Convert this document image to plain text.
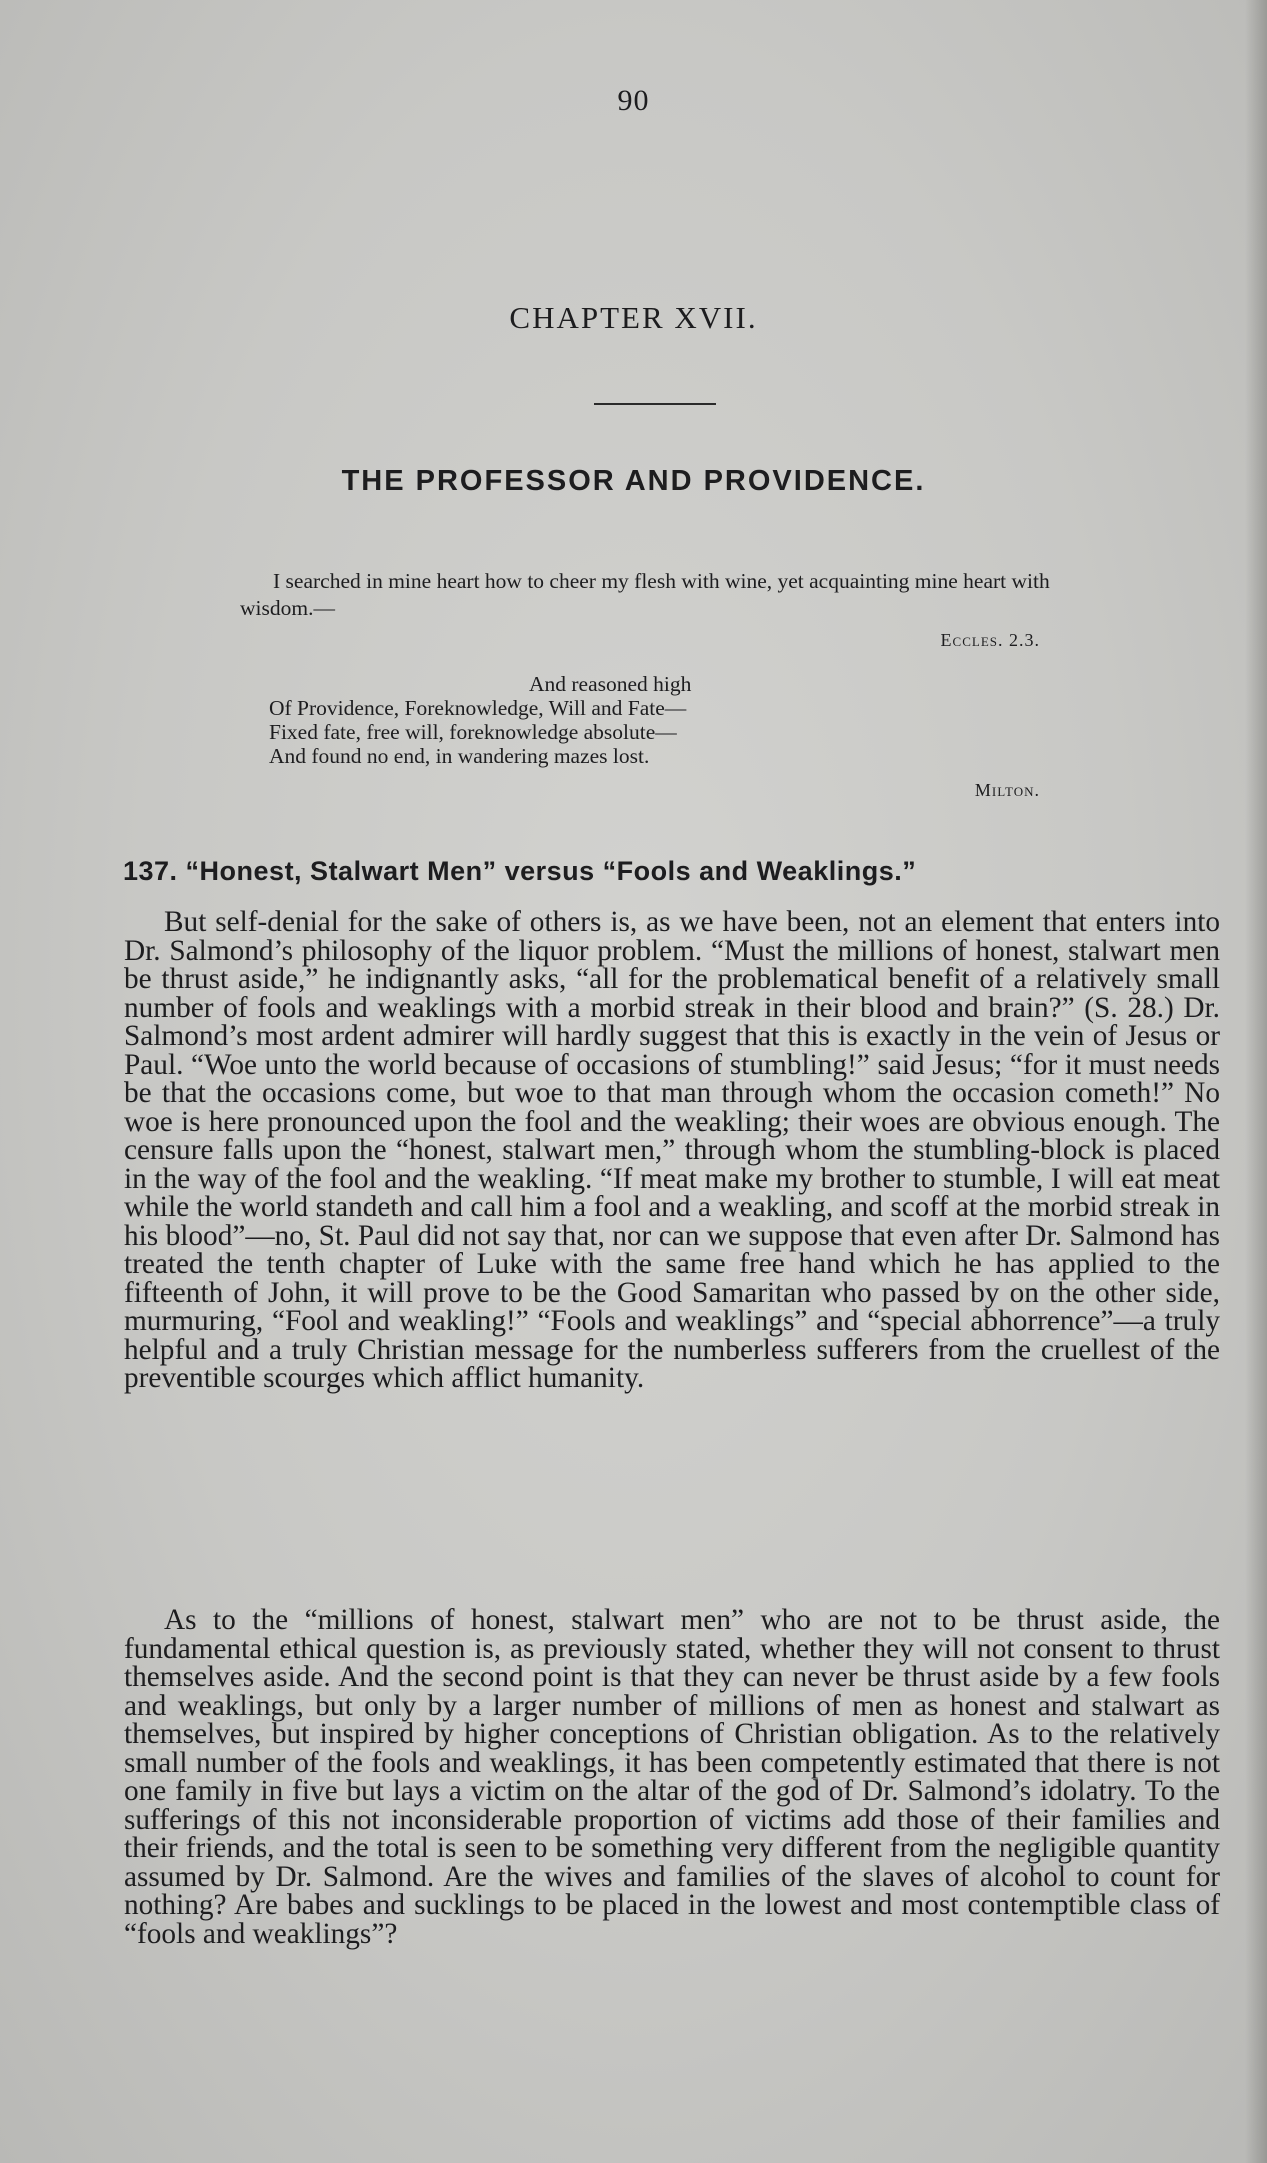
90
CHAPTER XVII.
THE PROFESSOR AND PROVIDENCE.
I searched in mine heart how to cheer my flesh with wine, yet acquainting mine heart with wisdom.—
Eccles. 2.3.
And reasoned high
Of Providence, Foreknowledge, Will and Fate—
Fixed fate, free will, foreknowledge absolute—
And found no end, in wandering mazes lost.
Milton.
137. “Honest, Stalwart Men” versus “Fools and Weaklings.”

But self-denial for the sake of others is, as we have been, not an element that enters into Dr. Salmond’s philosophy of the liquor problem. “Must the millions of honest, stalwart men be thrust aside,” he indignantly asks, “all for the problematical benefit of a relatively small number of fools and weaklings with a morbid streak in their blood and brain?” (S. 28.) Dr. Salmond’s most ardent admirer will hardly suggest that this is exactly in the vein of Jesus or Paul. “Woe unto the world because of occasions of stumbling!” said Jesus; “for it must needs be that the occasions come, but woe to that man through whom the occasion cometh!” No woe is here pronounced upon the fool and the weakling; their woes are obvious enough. The censure falls upon the “honest, stalwart men,” through whom the stumbling-block is placed in the way of the fool and the weakling. “If meat make my brother to stumble, I will eat meat while the world standeth and call him a fool and a weakling, and scoff at the morbid streak in his blood”—no, St. Paul did not say that, nor can we suppose that even after Dr. Salmond has treated the tenth chapter of Luke with the same free hand which he has applied to the fifteenth of John, it will prove to be the Good Samaritan who passed by on the other side, murmuring, “Fool and weakling!” “Fools and weaklings” and “special abhorrence”—a truly helpful and a truly Christian message for the numberless sufferers from the cruellest of the preventible scourges which afflict humanity.

As to the “millions of honest, stalwart men” who are not to be thrust aside, the fundamental ethical question is, as previously stated, whether they will not consent to thrust themselves aside. And the second point is that they can never be thrust aside by a few fools and weaklings, but only by a larger number of millions of men as honest and stalwart as themselves, but inspired by higher conceptions of Christian obligation. As to the relatively small number of the fools and weaklings, it has been competently estimated that there is not one family in five but lays a victim on the altar of the god of Dr. Salmond’s idolatry. To the sufferings of this not inconsiderable proportion of victims add those of their families and their friends, and the total is seen to be something very different from the negligible quantity assumed by Dr. Salmond. Are the wives and families of the slaves of alcohol to count for nothing? Are babes and sucklings to be placed in the lowest and most contemptible class of “fools and weaklings”?
